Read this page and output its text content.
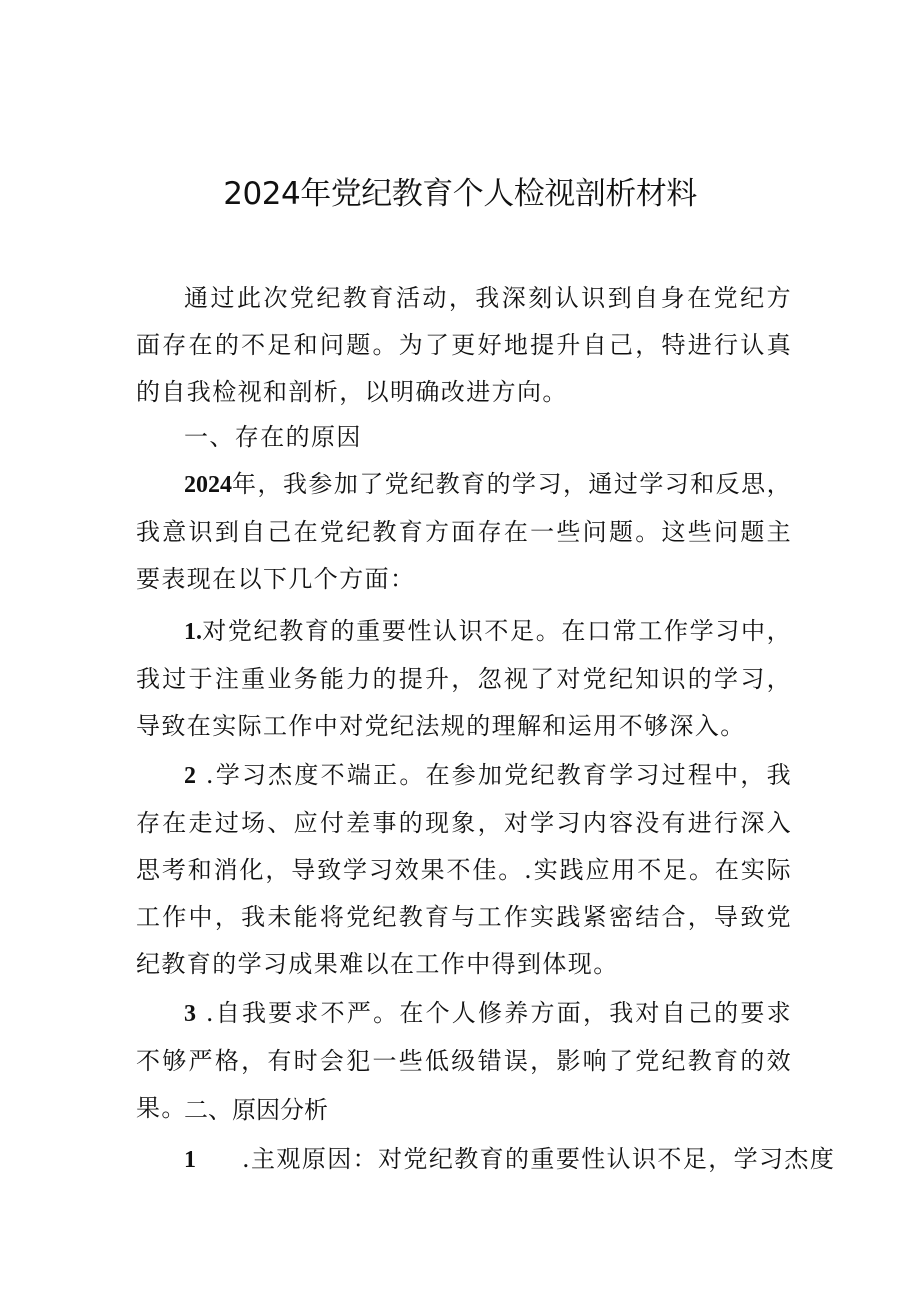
2024年党纪教育个人检视剖析材料

通过此次党纪教育活动，我深刻认识到自身在党纪方面存在的不足和问题。为了更好地提升自己，特进行认真的自我检视和剖析，以明确改进方向。

一、存在的原因

2024年，我参加了党纪教育的学习，通过学习和反思，我意识到自己在党纪教育方面存在一些问题。这些问题主要表现在以下几个方面：

1.对党纪教育的重要性认识不足。在口常工作学习中，我过于注重业务能力的提升，忽视了对党纪知识的学习，导致在实际工作中对党纪法规的理解和运用不够深入。

2 .学习杰度不端正。在参加党纪教育学习过程中，我存在走过场、应付差事的现象，对学习内容没有进行深入思考和消化，导致学习效果不佳。.实践应用不足。在实际工作中，我未能将党纪教育与工作实践紧密结合，导致党纪教育的学习成果难以在工作中得到体现。

3 .自我要求不严。在个人修养方面，我对自己的要求不够严格，有时会犯一些低级错误，影响了党纪教育的效果。

二、原因分析

1 .主观原因：对党纪教育的重要性认识不足，学习杰度
